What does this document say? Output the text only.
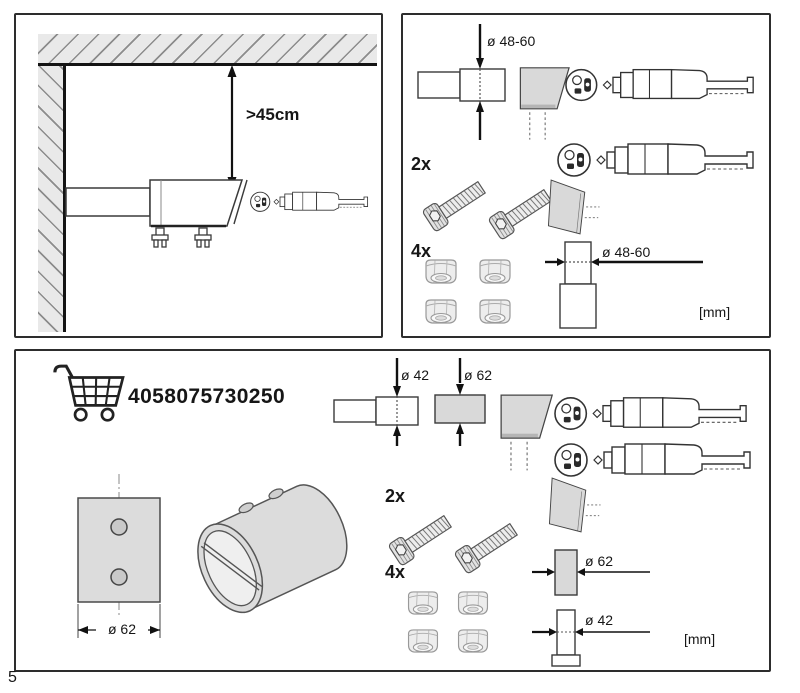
>45cm
ø 48-60
2x
4x	ø 48-60
[mm]
4058075730250
ø 42 ø 62
ø 62
2x
4x
ø 62
ø 42
[mm]
5
